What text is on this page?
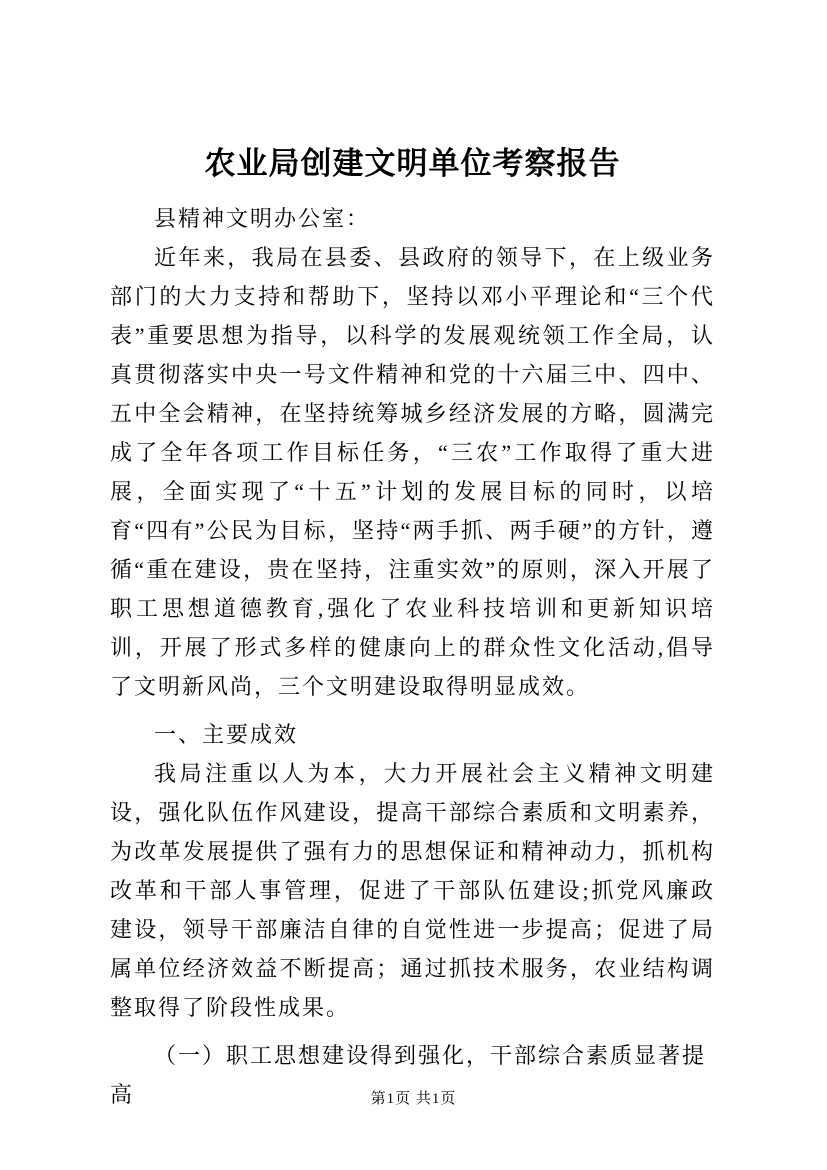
农业局创建文明单位考察报告

县精神文明办公室：

近年来，我局在县委、县政府的领导下，在上级业务部门的大力支持和帮助下，坚持以邓小平理论和“三个代表”重要思想为指导，以科学的发展观统领工作全局，认真贯彻落实中央一号文件精神和党的十六届三中、四中、五中全会精神，在坚持统筹城乡经济发展的方略，圆满完成了全年各项工作目标任务，“三农”工作取得了重大进展，全面实现了“十五”计划的发展目标的同时，以培育“四有”公民为目标，坚持“两手抓、两手硬”的方针，遵循“重在建设，贵在坚持，注重实效”的原则，深入开展了职工思想道德教育,强化了农业科技培训和更新知识培训，开展了形式多样的健康向上的群众性文化活动,倡导了文明新风尚，三个文明建设取得明显成效。

一、主要成效

我局注重以人为本，大力开展社会主义精神文明建设，强化队伍作风建设，提高干部综合素质和文明素养，为改革发展提供了强有力的思想保证和精神动力，抓机构改革和干部人事管理，促进了干部队伍建设;抓党风廉政建设，领导干部廉洁自律的自觉性进一步提高；促进了局属单位经济效益不断提高；通过抓技术服务，农业结构调整取得了阶段性成果。

（一）职工思想建设得到强化，干部综合素质显著提高	第1页 共1页
